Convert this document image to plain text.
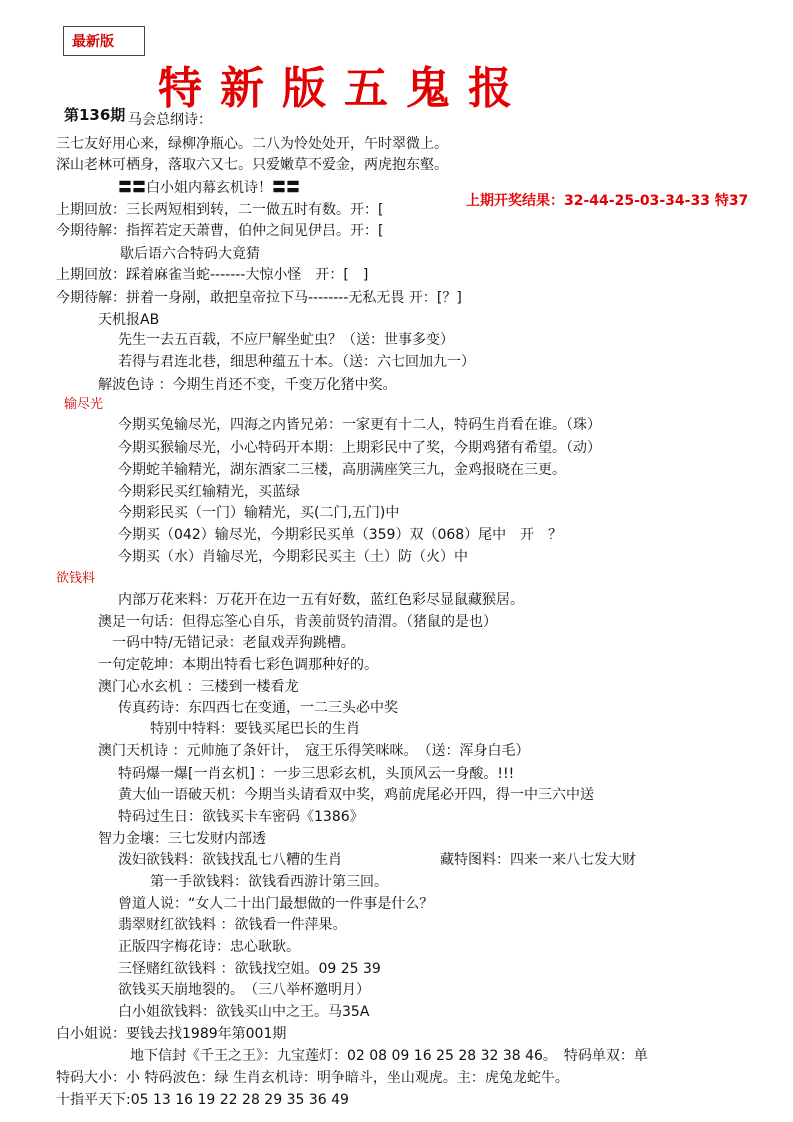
最新版
特新版五鬼报
第136期
上期开奖结果：32-44-25-03-34-33 特37
马会总纲诗：
三七友好用心来，绿柳净瓶心。二八为怜处处开，午时翠微上。
深山老林可栖身，落取六又七。只爱嫩草不爱金，两虎抱东壑。
〓〓白小姐内幕玄机诗！〓〓
上期回放：三长两短相到转，二一做五时有数。开：[
今期待解：指挥若定天萧曹，伯仲之间见伊吕。开：[
歇后语六合特码大竟猜
上期回放：踩着麻雀当蛇-------大惊小怪　开：[　]
今期待解：拼着一身剐，敢把皇帝拉下马--------无私无畏 开：[？]
天机报AB
先生一去五百载，不应尸解坐虻虫？（送：世事多变）
若得与君连北巷，细思种蕴五十本。（送：六七回加九一）
解波色诗 ：今期生肖还不变，千变万化猪中奖。
输尽光
今期买兔输尽光，四海之内皆兄弟：一家更有十二人，特码生肖看在谁。（珠）
今期买猴输尽光，小心特码开本期：上期彩民中了奖，今期鸡猪有希望。（动）
今期蛇羊输精光，湖东酒家二三楼，高朋满座笑三九，金鸡报晓在三更。
今期彩民买红输精光，买蓝绿
今期彩民买（一门）输精光，买(二门,五门)中
今期买（042）输尽光，今期彩民买单（359）双（068）尾中　开　？
今期买（水）肖输尽光，今期彩民买主（土）防（火）中
欲钱料
内部万花来料：万花开在边一五有好数，蓝红色彩尽显鼠藏猴居。
澳足一句话：但得忘筌心自乐，肯羡前贤钓清渭。（猪鼠的是也）
一码中特/无错记录：老鼠戏弄狗跳槽。
一句定乾坤：本期出特看七彩色调那种好的。
澳门心水玄机 ：三楼到一楼看龙
传真药诗：东四西七在变通，一二三头必中奖
特别中特料：要钱买尾巴长的生肖
澳门天机诗 ：元帅施了条奸计，　寇王乐得笑咪咪。　（送：浑身白毛）
特码爆一爆[一肖玄机] ：一步三思彩玄机，头顶风云一身酸。!!!
黄大仙一语破天机：今期当头请看双中奖，鸡前虎尾必开四，得一中三六中送
特码过生日：欲钱买卡车密码《1386》
智力金壤：三七发财内部透
泼妇欲钱料：欲钱找乱七八糟的生肖	藏特图料：四来一来八七发大财
第一手欲钱料：欲钱看西游计第三回。
曾道人说：“女人二十出门最想做的一件事是什么？
翡翠财红欲钱料 ：欲钱看一件萍果。
正版四字梅花诗：忠心耿耿。
三怪赌红欲钱料 ：欲钱找空姐。09 25 39
欲钱买天崩地裂的。　（三八举杯邀明月）
白小姐欲钱料：欲钱买山中之王。马35A
白小姐说：要钱去找1989年第001期
地下信封《千王之王》：九宝莲灯：02 08 09 16 25 28 32 38 46。　特码单双：单
特码大小：小 特码波色：绿 生肖玄机诗：明争暗斗，坐山观虎。主：虎兔龙蛇牛。
十指平天下:05 13 16 19 22 28 29 35 36 49
